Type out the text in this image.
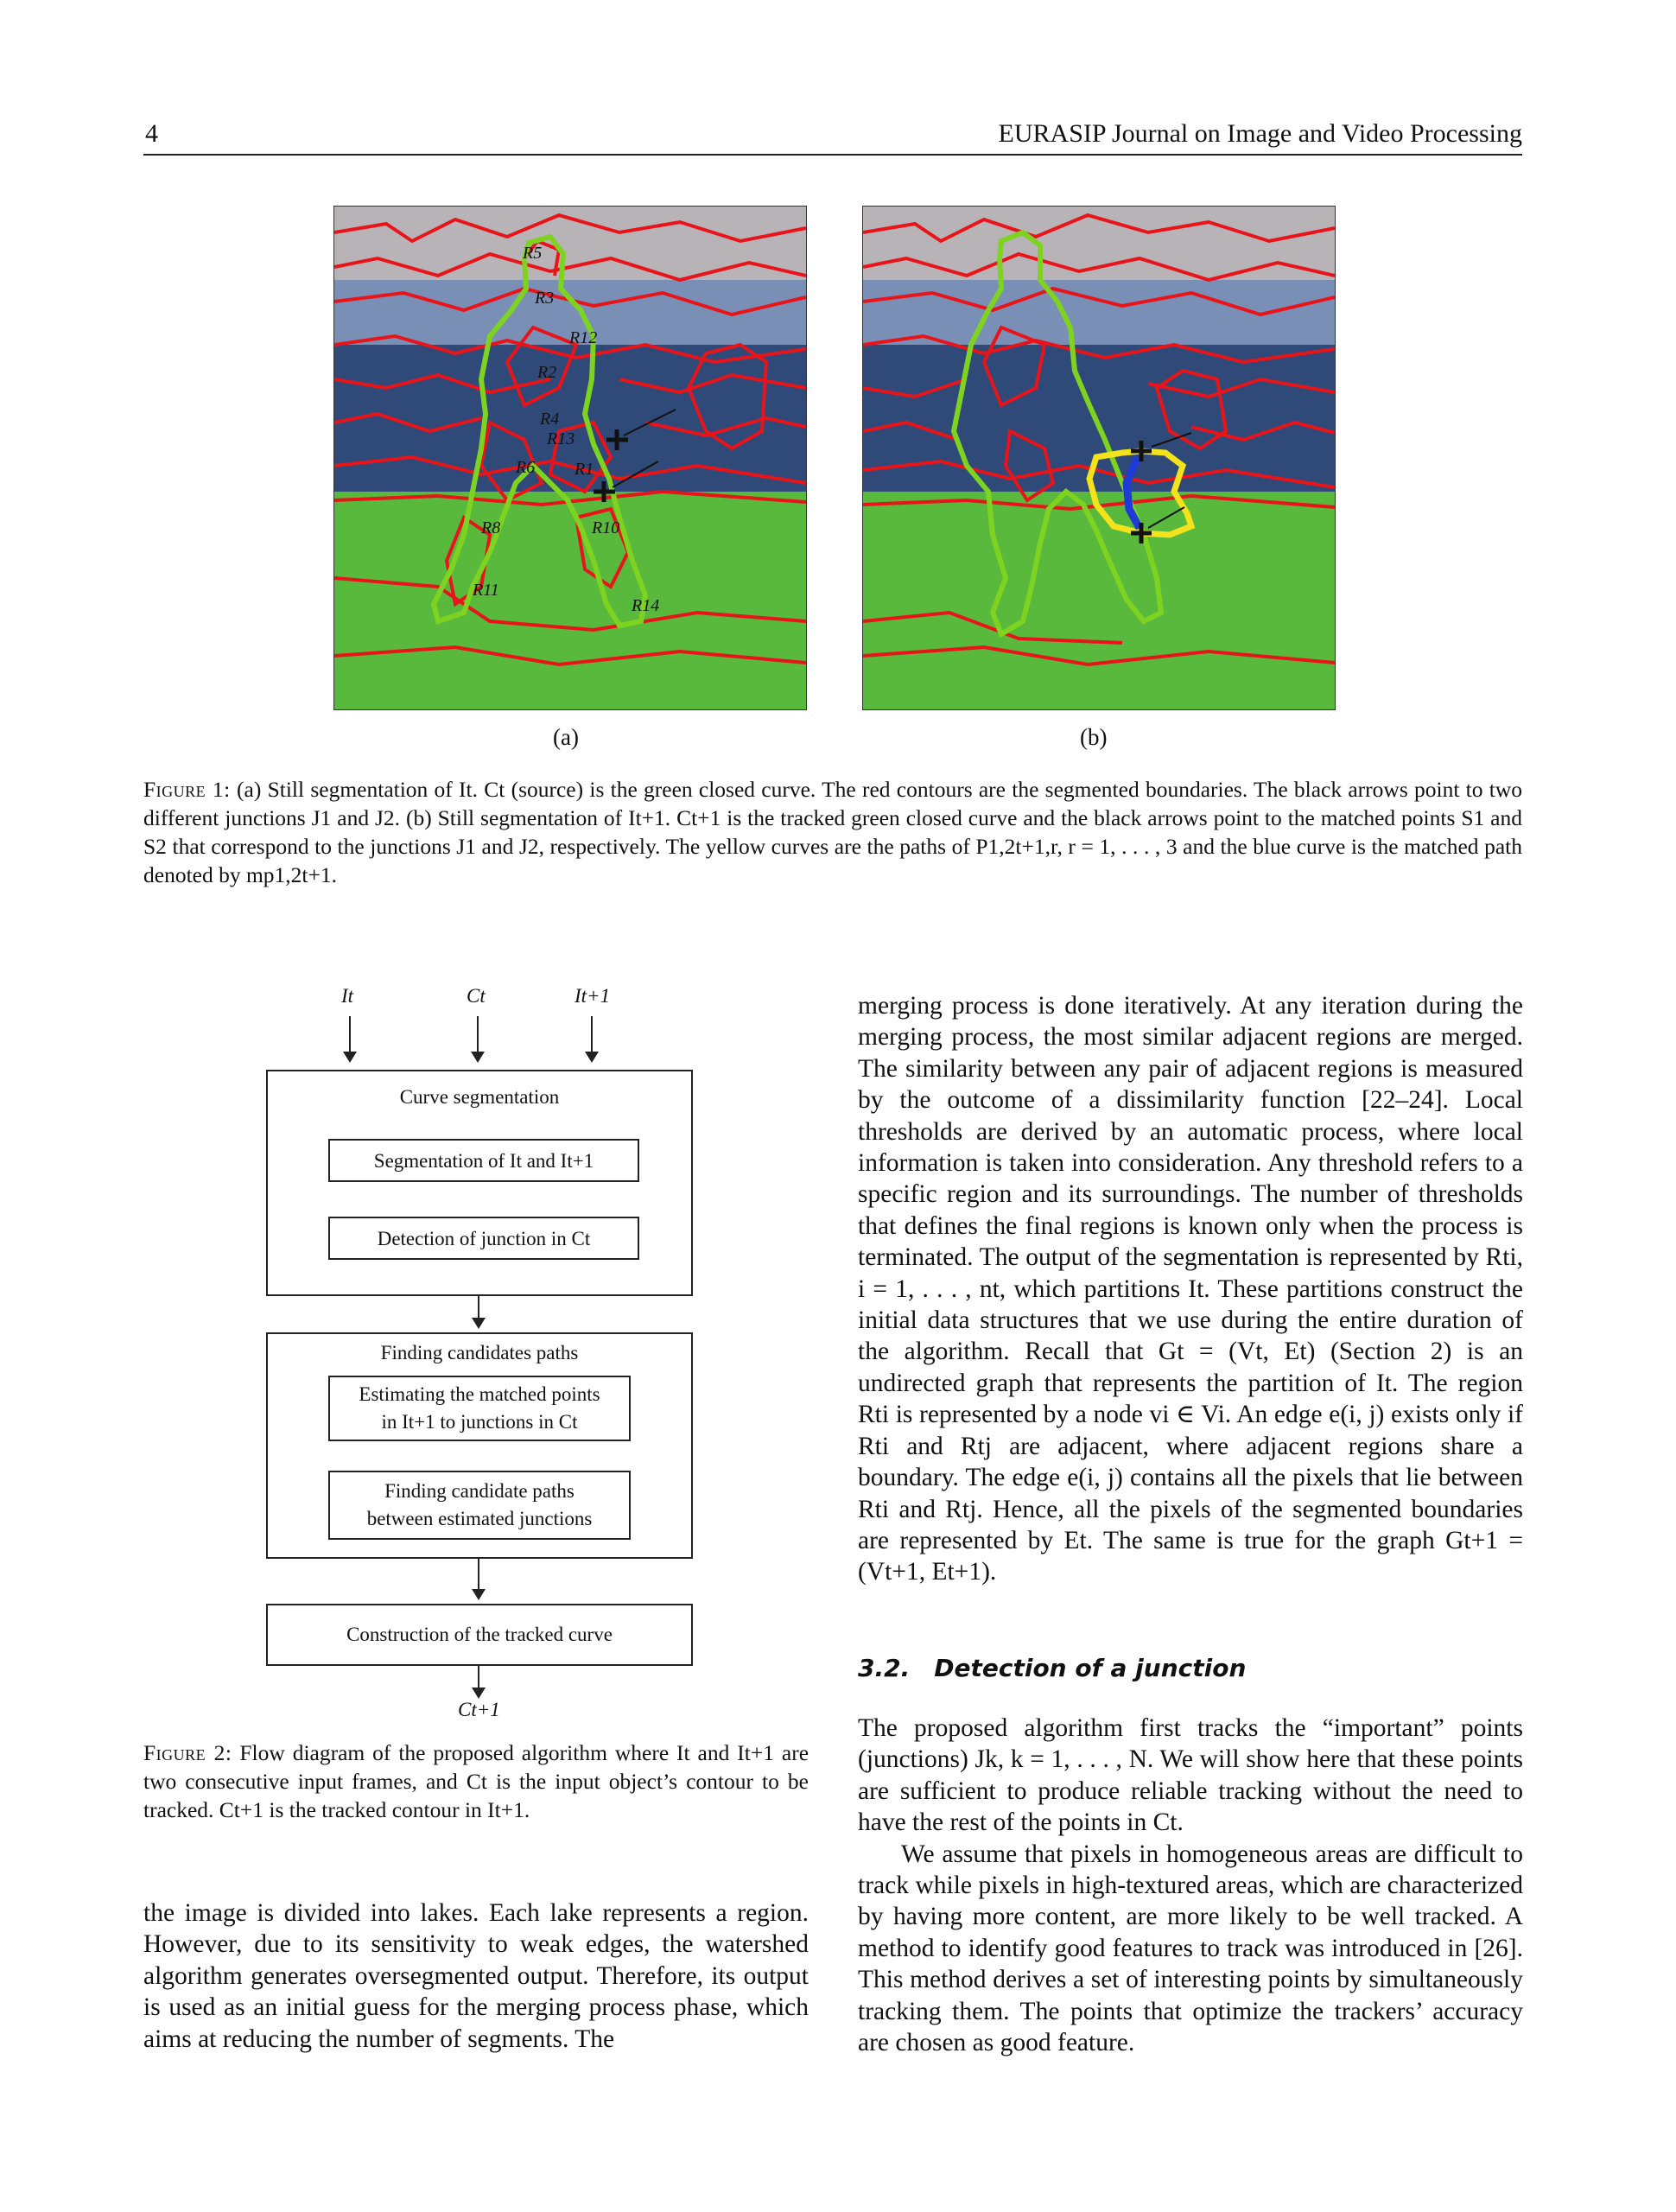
4	EURASIP Journal on Image and Video Processing
R5
R3
R12
R2
R4
R13
R6 R1
R8	R10
R11
R14
(a)	(b)
Figure 1: (a) Still segmentation of It. Ct (source) is the green closed curve. The red contours are the segmented boundaries. The black arrows point to two different junctions J1 and J2. (b) Still segmentation of It+1. Ct+1 is the tracked green closed curve and the black arrows point to the matched points S1 and S2 that correspond to the junctions J1 and J2, respectively. The yellow curves are the paths of P1,2t+1,r, r = 1, . . . , 3 and the blue curve is the matched path denoted by mp1,2t+1.
It	Ct	It+1
Curve segmentation
Segmentation of It and It+1
Detection of junction in Ct
Finding candidates paths
Estimating the matched points
in It+1 to junctions in Ct
Finding candidate paths
between estimated junctions
Construction of the tracked curve
Ct+1
Figure 2: Flow diagram of the proposed algorithm where It and It+1 are two consecutive input frames, and Ct is the input object’s contour to be tracked. Ct+1 is the tracked contour in It+1.

the image is divided into lakes. Each lake represents a region. However, due to its sensitivity to weak edges, the watershed algorithm generates oversegmented output. Therefore, its output is used as an initial guess for the merging process phase, which aims at reducing the number of segments. The

merging process is done iteratively. At any iteration during the merging process, the most similar adjacent regions are merged. The similarity between any pair of adjacent regions is measured by the outcome of a dissimilarity function [22–24]. Local thresholds are derived by an automatic process, where local information is taken into consideration. Any threshold refers to a specific region and its surroundings. The number of thresholds that defines the final regions is known only when the process is terminated. The output of the segmentation is represented by Rti, i = 1, . . . , nt, which partitions It. These partitions construct the initial data structures that we use during the entire duration of the algorithm. Recall that Gt = (Vt, Et) (Section 2) is an undirected graph that represents the partition of It. The region Rti is represented by a node vi ∈ Vi. An edge e(i, j) exists only if Rti and Rtj are adjacent, where adjacent regions share a boundary. The edge e(i, j) contains all the pixels that lie between Rti and Rtj. Hence, all the pixels of the segmented boundaries are represented by Et. The same is true for the graph Gt+1 = (Vt+1, Et+1).

3.2. Detection of a junction

The proposed algorithm first tracks the “important” points (junctions) Jk, k = 1, . . . , N. We will show here that these points are sufficient to produce reliable tracking without the need to have the rest of the points in Ct.

We assume that pixels in homogeneous areas are difficult to track while pixels in high-textured areas, which are characterized by having more content, are more likely to be well tracked. A method to identify good features to track was introduced in [26]. This method derives a set of interesting points by simultaneously tracking them. The points that optimize the trackers’ accuracy are chosen as good feature.
